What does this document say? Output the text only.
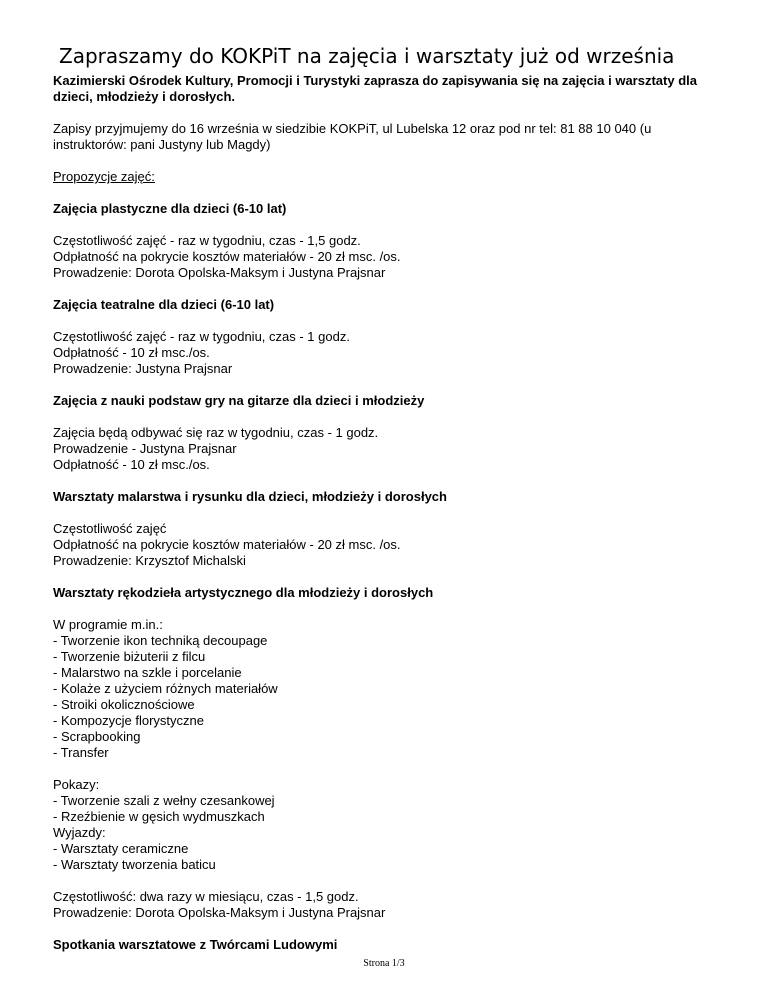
Zapraszamy do KOKPiT na zajęcia i warsztaty już od września

Kazimierski Ośrodek Kultury, Promocji i Turystyki zaprasza do zapisywania się na zajęcia i warsztaty dla dzieci, młodzieży i dorosłych.

Zapisy przyjmujemy do 16 września w siedzibie KOKPiT, ul Lubelska 12 oraz pod nr tel: 81 88 10 040 (u instruktorów: pani Justyny lub Magdy)

Propozycje zajęć:

Zajęcia plastyczne dla dzieci (6-10 lat)

Częstotliwość zajęć - raz w tygodniu, czas - 1,5 godz.

Odpłatność na pokrycie kosztów materiałów - 20 zł msc. /os.

Prowadzenie: Dorota Opolska-Maksym i Justyna Prajsnar

Zajęcia teatralne dla dzieci (6-10 lat)

Częstotliwość zajęć - raz w tygodniu, czas - 1 godz.

Odpłatność - 10 zł msc./os.

Prowadzenie: Justyna Prajsnar

Zajęcia z nauki podstaw gry na gitarze dla dzieci i młodzieży

Zajęcia będą odbywać się raz w tygodniu, czas - 1 godz.

Prowadzenie - Justyna Prajsnar

Odpłatność - 10 zł msc./os.

Warsztaty malarstwa i rysunku dla dzieci, młodzieży i dorosłych

Częstotliwość zajęć

Odpłatność na pokrycie kosztów materiałów - 20 zł msc. /os.

Prowadzenie: Krzysztof Michalski

Warsztaty rękodzieła artystycznego dla młodzieży i dorosłych

W programie m.in.:

- Tworzenie ikon techniką decoupage

- Tworzenie biżuterii z filcu

- Malarstwo na szkle i porcelanie

- Kolaże z użyciem różnych materiałów

- Stroiki okolicznościowe

- Kompozycje florystyczne

- Scrapbooking

- Transfer

Pokazy:

- Tworzenie szali z wełny czesankowej

- Rzeźbienie w gęsich wydmuszkach

Wyjazdy:

- Warsztaty ceramiczne

- Warsztaty tworzenia baticu

Częstotliwość: dwa razy w miesiącu, czas - 1,5 godz.

Prowadzenie: Dorota Opolska-Maksym i Justyna Prajsnar

Spotkania warsztatowe z Twórcami Ludowymi

Strona 1/3
